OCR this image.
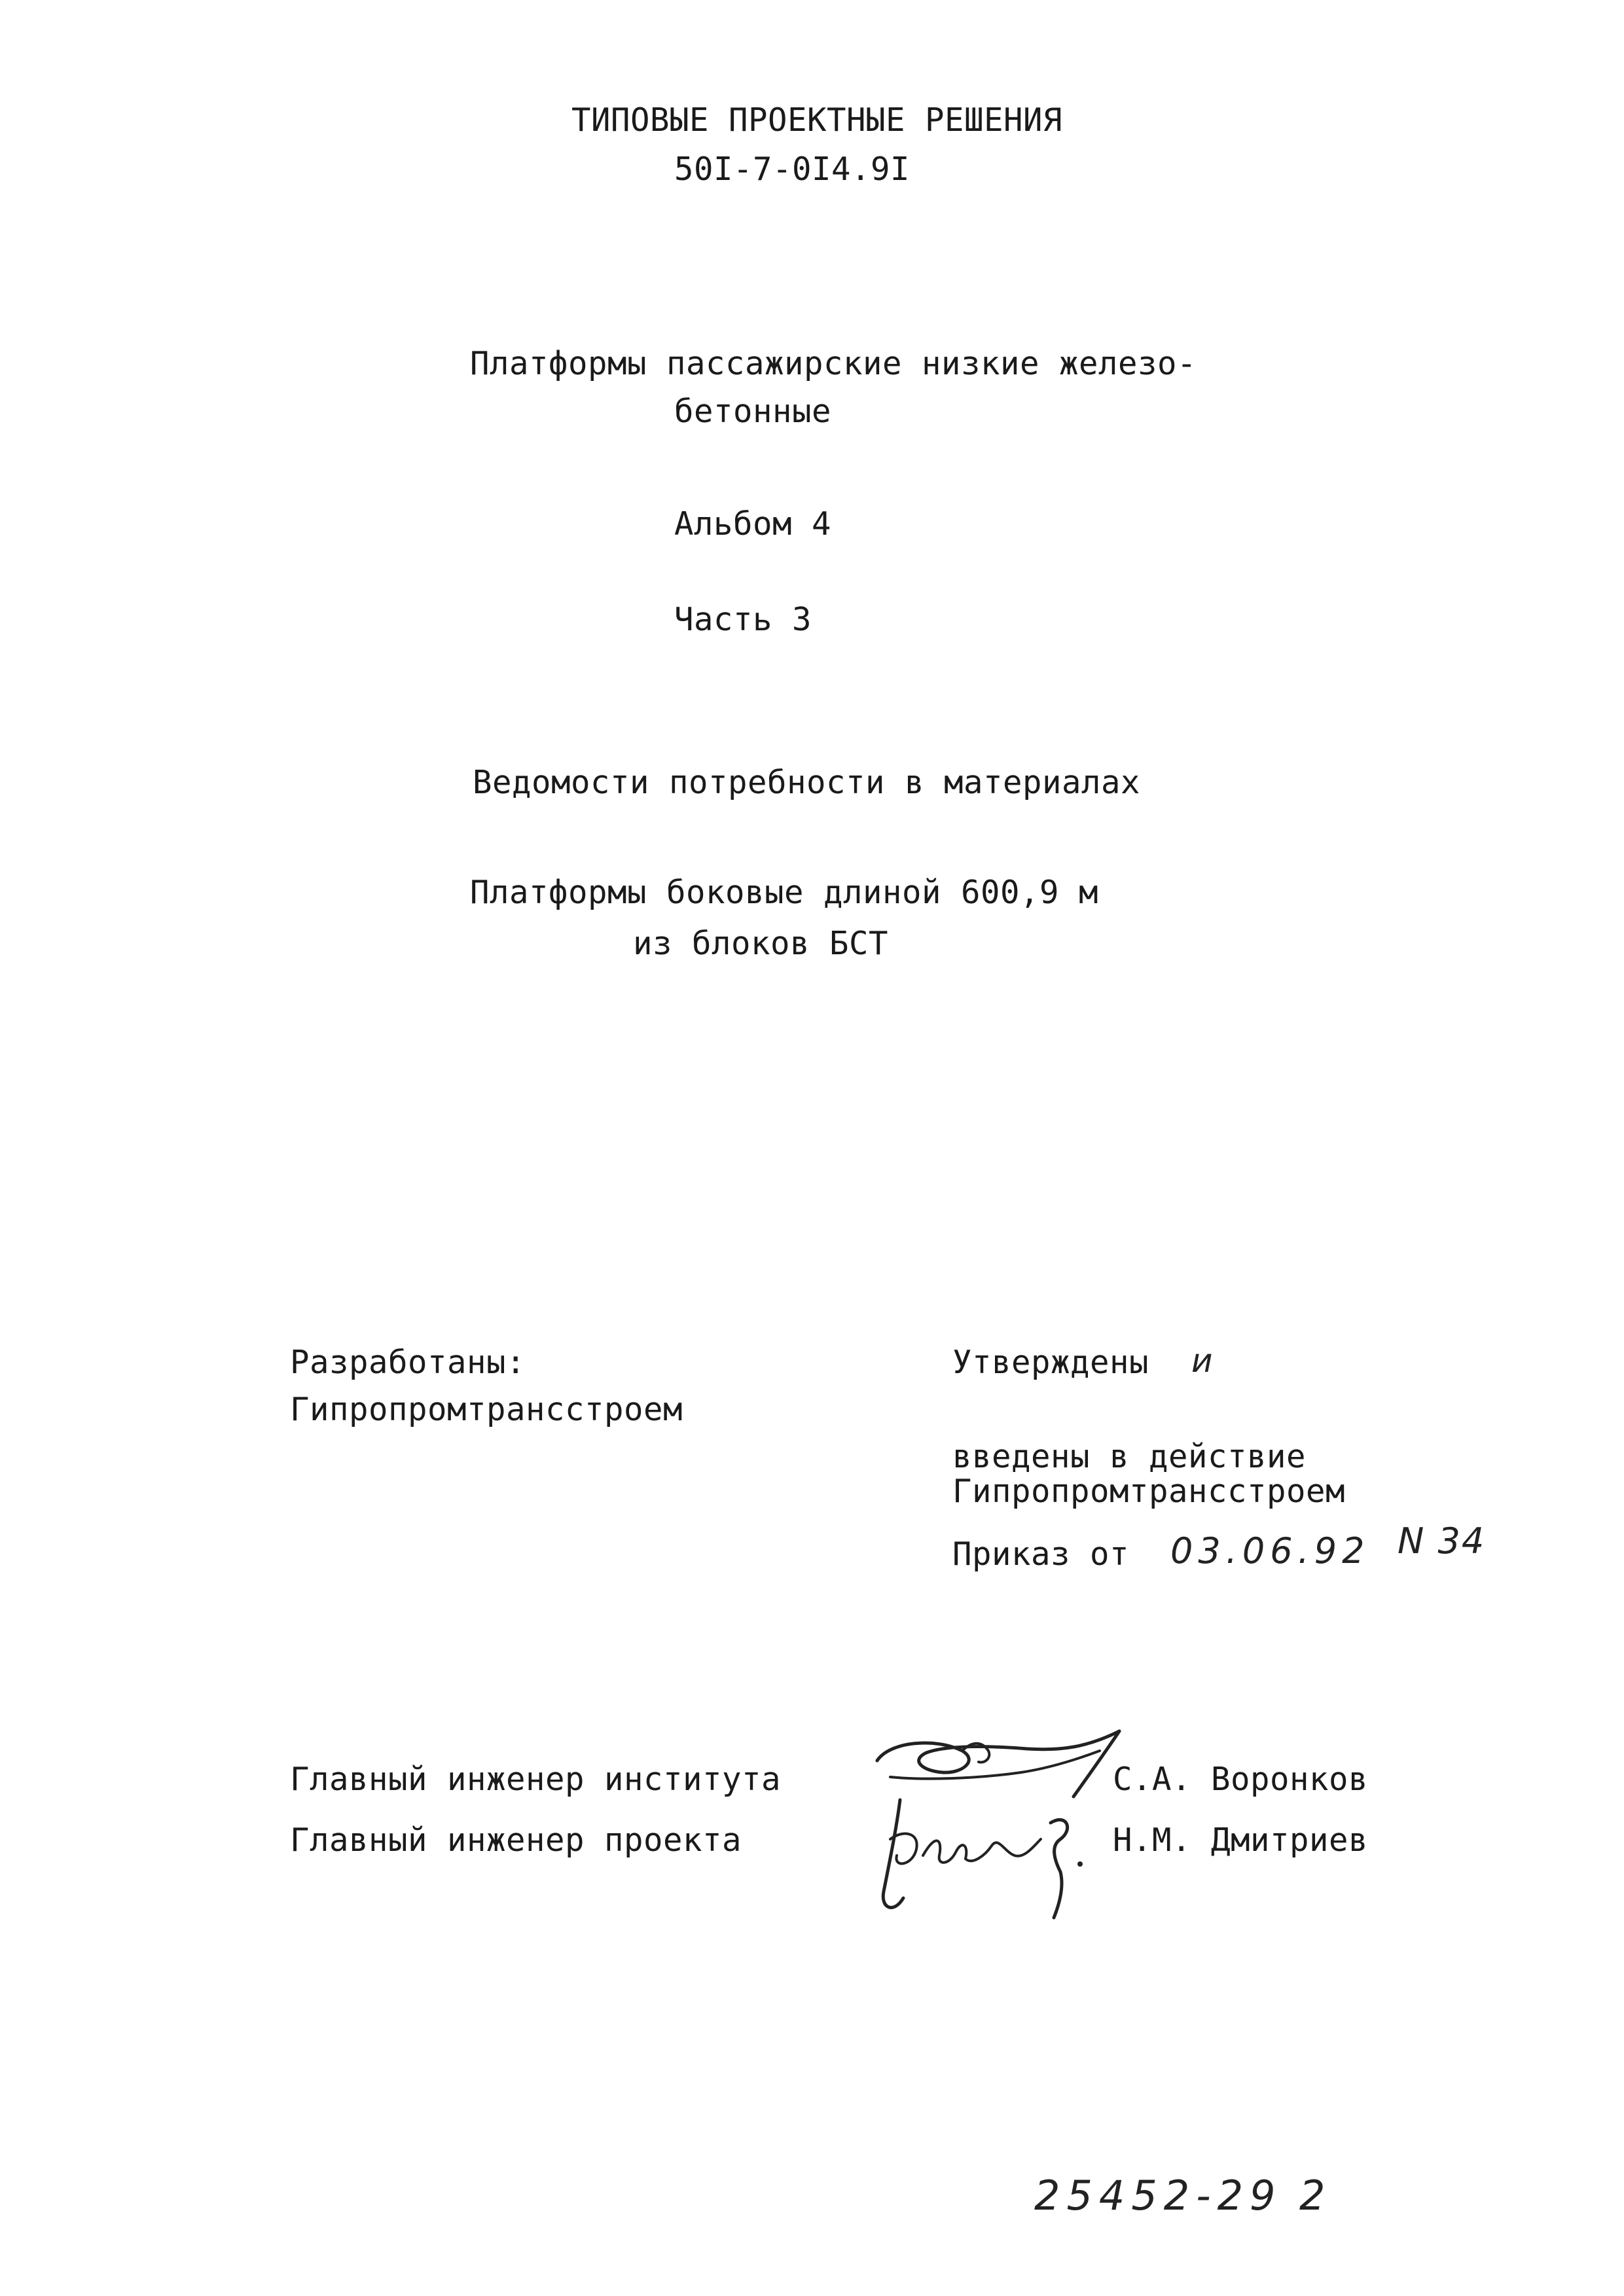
ТИПОВЫЕ ПРОЕКТНЫЕ РЕШЕНИЯ
50I-7-0I4.9I
Платформы пассажирские низкие железо-
бетонные
Альбом 4
Часть 3
Ведомости потребности в материалах
Платформы боковые длиной 600,9 м
из блоков БСТ
Разработаны:
Гипропромтрансстроем
Утверждены и
введены в действие
Гипропромтрансстроем
Приказ от 03.06.92 N 34
Главный инженер института	С.А. Воронков
Главный инженер проекта	Н.М. Дмитриев
25452-29 2
